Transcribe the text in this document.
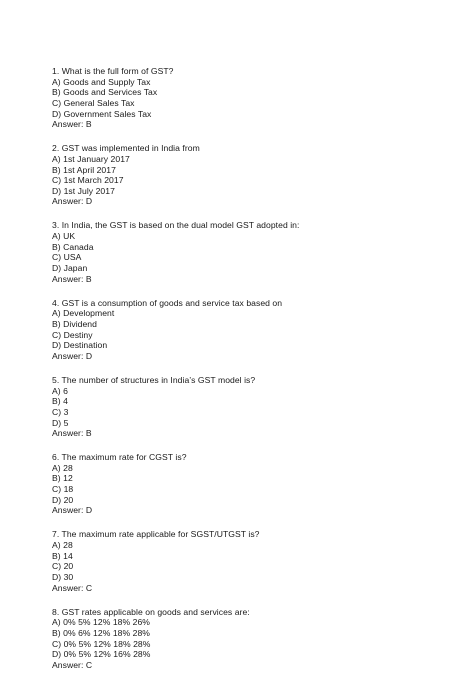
1. What is the full form of GST?
A) Goods and Supply Tax
B) Goods and Services Tax
C) General Sales Tax
D) Government Sales Tax
Answer: B
2. GST was implemented in India from
A) 1st January 2017
B) 1st April 2017
C) 1st March 2017
D) 1st July 2017
Answer: D
3. In India, the GST is based on the dual model GST adopted in:
A) UK
B) Canada
C) USA
D) Japan
Answer: B
4. GST is a consumption of goods and service tax based on
A) Development
B) Dividend
C) Destiny
D) Destination
Answer: D
5. The number of structures in India’s GST model is?
A) 6
B) 4
C) 3
D) 5
Answer: B
6. The maximum rate for CGST is?
A) 28
B) 12
C) 18
D) 20
Answer: D
7. The maximum rate applicable for SGST/UTGST is?
A) 28
B) 14
C) 20
D) 30
Answer: C
8. GST rates applicable on goods and services are:
A) 0% 5% 12% 18% 26%
B) 0% 6% 12% 18% 28%
C) 0% 5% 12% 18% 28%
D) 0% 5% 12% 16% 28%
Answer: C
